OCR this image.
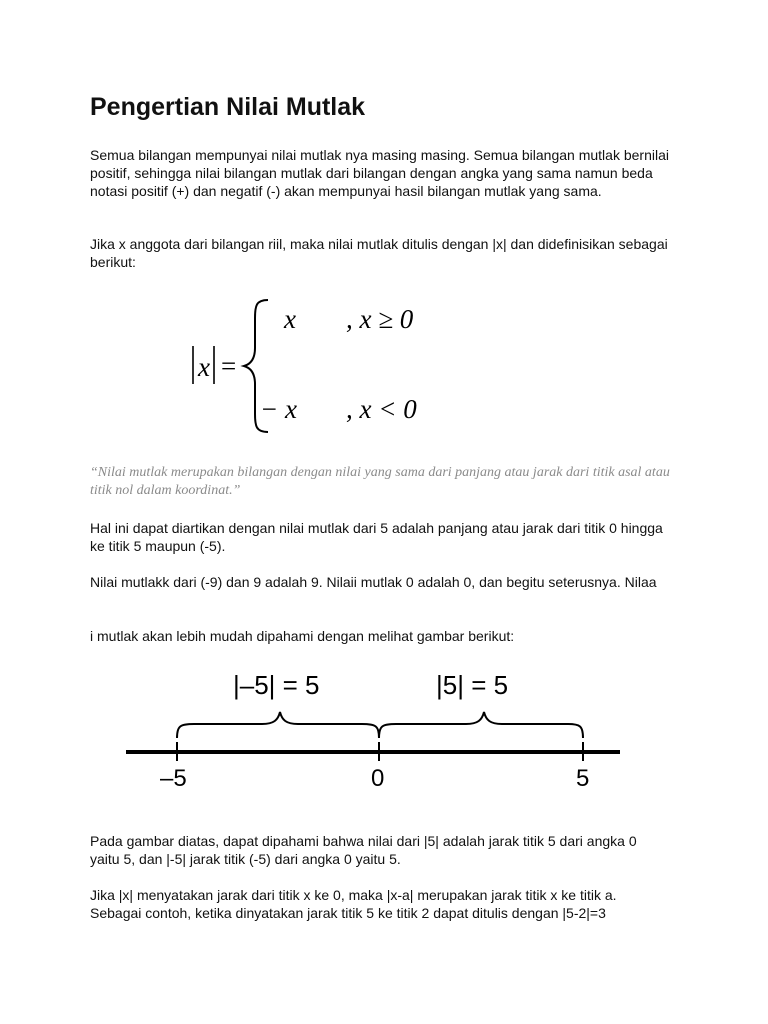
Pengertian Nilai Mutlak

Semua bilangan mempunyai nilai mutlak nya masing masing. Semua bilangan mutlak bernilai positif, sehingga nilai bilangan mutlak dari bilangan dengan angka yang sama namun beda notasi positif (+) dan negatif (-) akan mempunyai hasil bilangan mutlak yang sama.

Jika x anggota dari bilangan riil, maka nilai mutlak ditulis dengan |x| dan didefinisikan sebagai berikut:

x =
x , x ≥ 0
− x , x < 0

“Nilai mutlak merupakan bilangan dengan nilai yang sama dari panjang atau jarak dari titik asal atau titik nol dalam koordinat.”

Hal ini dapat diartikan dengan nilai mutlak dari 5 adalah panjang atau jarak dari titik 0 hingga ke titik 5 maupun (-5).

Nilai mutlakk dari (-9) dan 9 adalah 9. Nilaii mutlak 0 adalah 0, dan begitu seterusnya. Nilaa

i mutlak akan lebih mudah dipahami dengan melihat gambar berikut:

Pada gambar diatas, dapat dipahami bahwa nilai dari |5| adalah jarak titik 5 dari angka 0 yaitu 5, dan |-5| jarak titik (-5) dari angka 0 yaitu 5.

Jika |x| menyatakan jarak dari titik x ke 0, maka |x-a| merupakan jarak titik x ke titik a. Sebagai contoh, ketika dinyatakan jarak titik 5 ke titik 2 dapat ditulis dengan |5-2|=3

|–5| = 5	|5| = 5
–5	0	5
